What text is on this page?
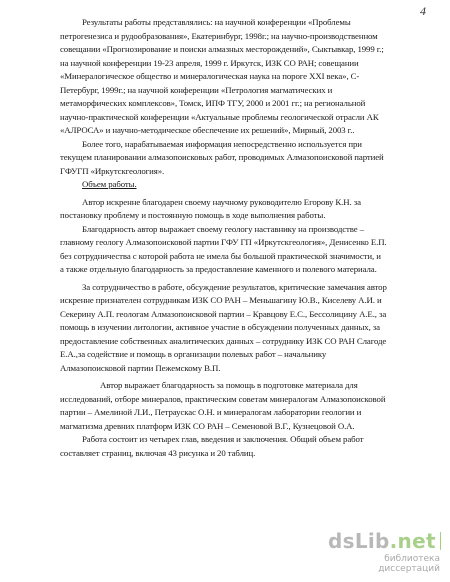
4
Результаты работы представлялись: на научной конференции «Проблемы
петрогенезиса и рудообразования», Екатеринбург, 1998г.; на научно-производственном
совещании «Прогнозирование и поиски алмазных месторождений», Сыктывкар, 1999 г.;
на научной конференции 19-23 апреля, 1999 г. Иркутск, ИЗК СО РАН; совещании
«Минералогическое общество и минералогическая наука на пороге XXI века», С-
Петербург, 1999г.; на научной конференции «Петрология магматических и
метаморфических комплексов», Томск, ИПФ ТГУ, 2000 и 2001 гг.; на региональной
научно-практической конференции «Актуальные проблемы геологической отрасли АК
«АЛРОСА» и научно-методическое обеспечение их решений», Мирный, 2003 г..
Более того, нарабатываемая информация непосредственно используется при
текущем планировании алмазопоисковых работ, проводимых Алмазопоисковой партией
ГФУГП «Иркутскгеология».
Объем работы.
Автор искренне благодарен своему научному руководителю Егорову К.Н. за
постановку проблему и постоянную помощь в ходе выполнения работы.
Благодарность автор выражает своему геологу наставнику на производстве –
главному геологу Алмазопоисковой партии ГФУ ГП «Иркутскгеология», Денисенко Е.П.
без сотрудничества с которой работа не имела бы большой практической значимости, и
а также отдельную благодарность за предоставление каменного и полевого материала.
За сотрудничество в работе, обсуждение результатов, критические замечания автор
искренне признателен сотрудникам ИЗК СО РАН – Меньшагину Ю.В., Киселеву А.И. и
Секерину А.П. геологам Алмазопоисковой партии – Кравцову Е.С., Бессолицину А.Е., за
помощь в изучении литологии, активное участие в обсуждении полученных данных, за
предоставление собственных аналитических данных – сотруднику ИЗК СО РАН Слагоде
Е.А.,за содействие и помощь в организации полевых работ – начальнику
Алмазопоисковой партии Пежемскому В.П.
Автор выражает благодарность за помощь в подготовке материала для
исследований, отборе минералов, практическим советам минералогам Алмазопоисковой
партии – Амелиной Л.И., Петраускас О.Н. и минералогам лаборатории геологии и
магматизма древних платформ ИЗК СО РАН – Семеновой В.Г., Кузнецовой О.А.
Работа состоит из четырех глав, введения и заключения. Общий объем работ
составляет страниц, включая 43 рисунка и 20 таблиц.
dsLib.net
библиотека диссертаций
